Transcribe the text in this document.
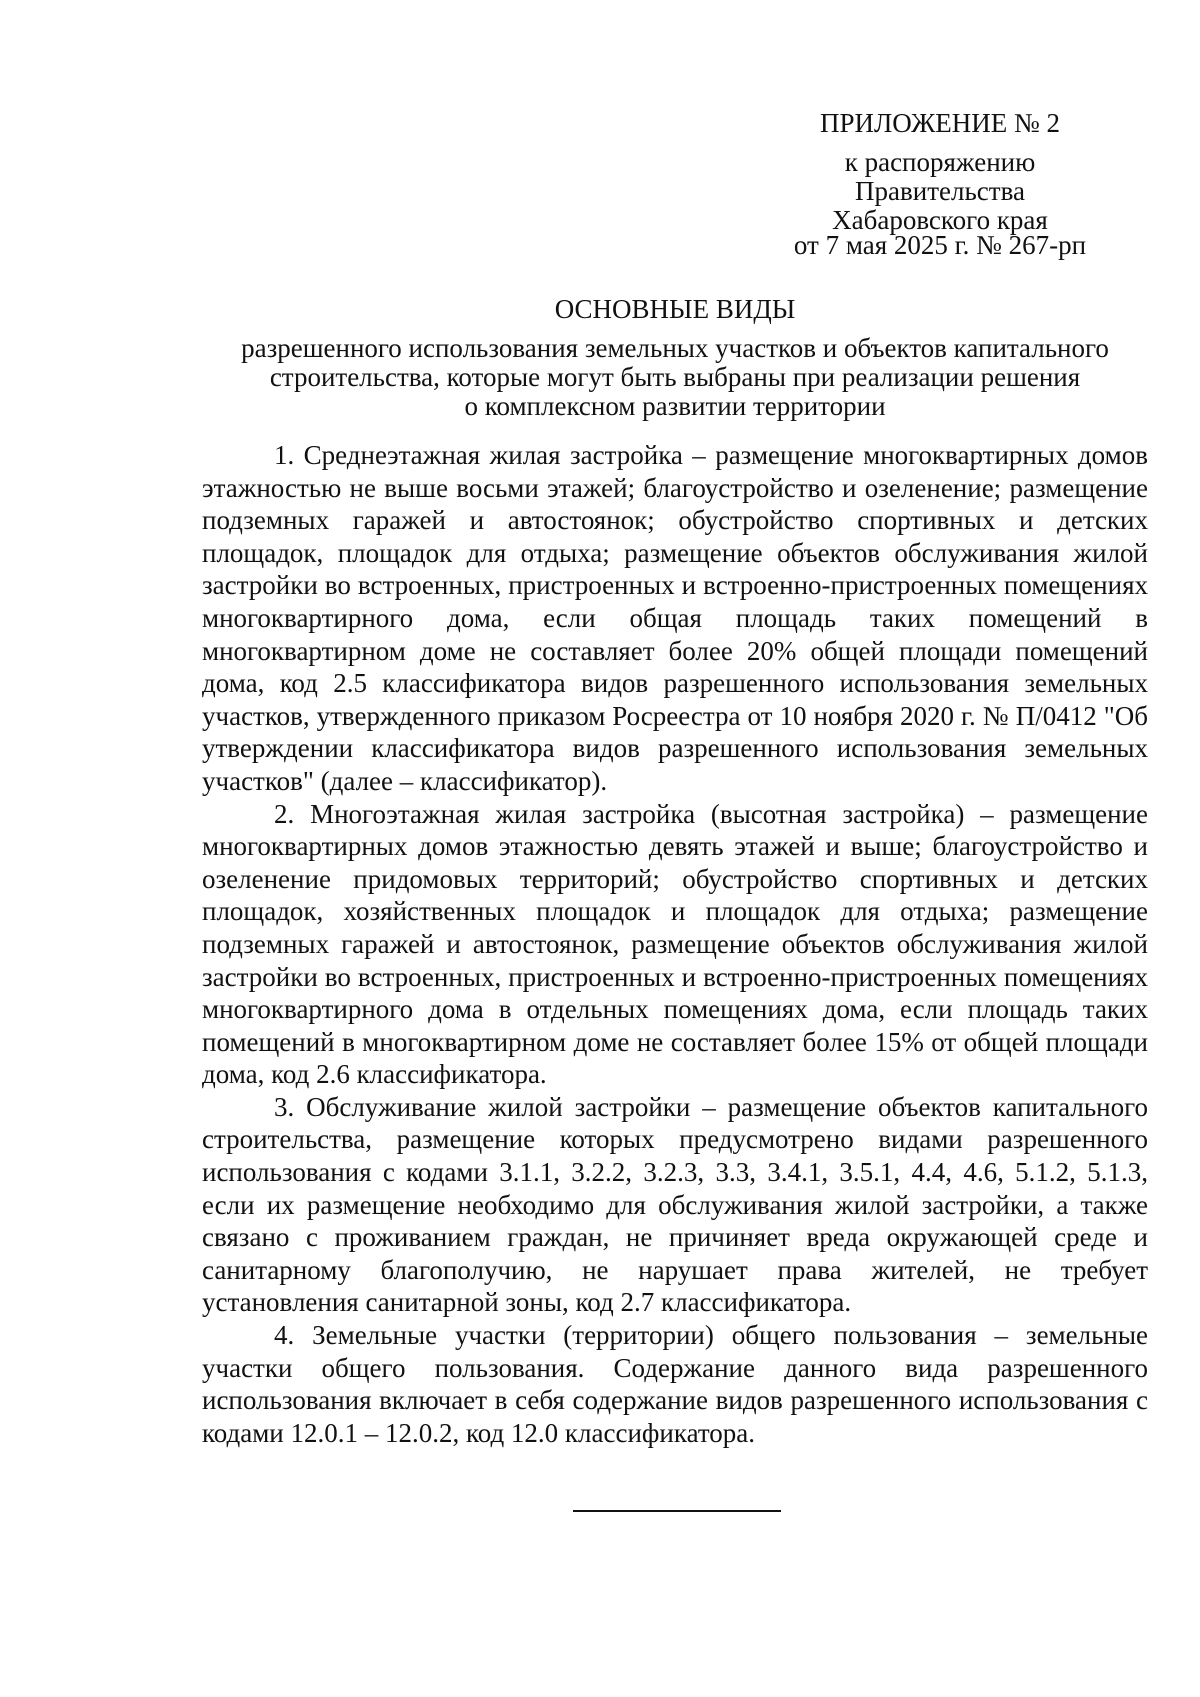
ПРИЛОЖЕНИЕ № 2
к распоряжению
Правительства
Хабаровского края
от 7 мая 2025 г. № 267-рп
ОСНОВНЫЕ ВИДЫ
разрешенного использования земельных участков и объектов капитального
строительства, которые могут быть выбраны при реализации решения
о комплексном развитии территории

1. Среднеэтажная жилая застройка – размещение многоквартирных домов этажностью не выше восьми этажей; благоустройство и озеленение; размещение подземных гаражей и автостоянок; обустройство спортивных и детских площадок, площадок для отдыха; размещение объектов обслуживания жилой застройки во встроенных, пристроенных и встроенно-пристроенных помещениях многоквартирного дома, если общая площадь таких помещений в многоквартирном доме не составляет более 20% общей площади помещений дома, код 2.5 классификатора видов разрешенного использования земельных участков, утвержденного приказом Росреестра от 10 ноября 2020 г. № П/0412 "Об утверждении классификатора видов разрешенного использования земельных участков" (далее – классификатор).

2. Многоэтажная жилая застройка (высотная застройка) – размещение многоквартирных домов этажностью девять этажей и выше; благоустройство и озеленение придомовых территорий; обустройство спортивных и детских площадок, хозяйственных площадок и площадок для отдыха; размещение подземных гаражей и автостоянок, размещение объектов обслуживания жилой застройки во встроенных, пристроенных и встроенно-пристроенных помещениях многоквартирного дома в отдельных помещениях дома, если площадь таких помещений в многоквартирном доме не составляет более 15% от общей площади дома, код 2.6 классификатора.

3. Обслуживание жилой застройки – размещение объектов капитального строительства, размещение которых предусмотрено видами разрешенного использования с кодами 3.1.1, 3.2.2, 3.2.3, 3.3, 3.4.1, 3.5.1, 4.4, 4.6, 5.1.2, 5.1.3, если их размещение необходимо для обслуживания жилой застройки, а также связано с проживанием граждан, не причиняет вреда окружающей среде и санитарному благополучию, не нарушает права жителей, не требует установления санитарной зоны, код 2.7 классификатора.

4. Земельные участки (территории) общего пользования – земельные участки общего пользования. Содержание данного вида разрешенного использования включает в себя содержание видов разрешенного использования с кодами 12.0.1 – 12.0.2, код 12.0 классификатора.
